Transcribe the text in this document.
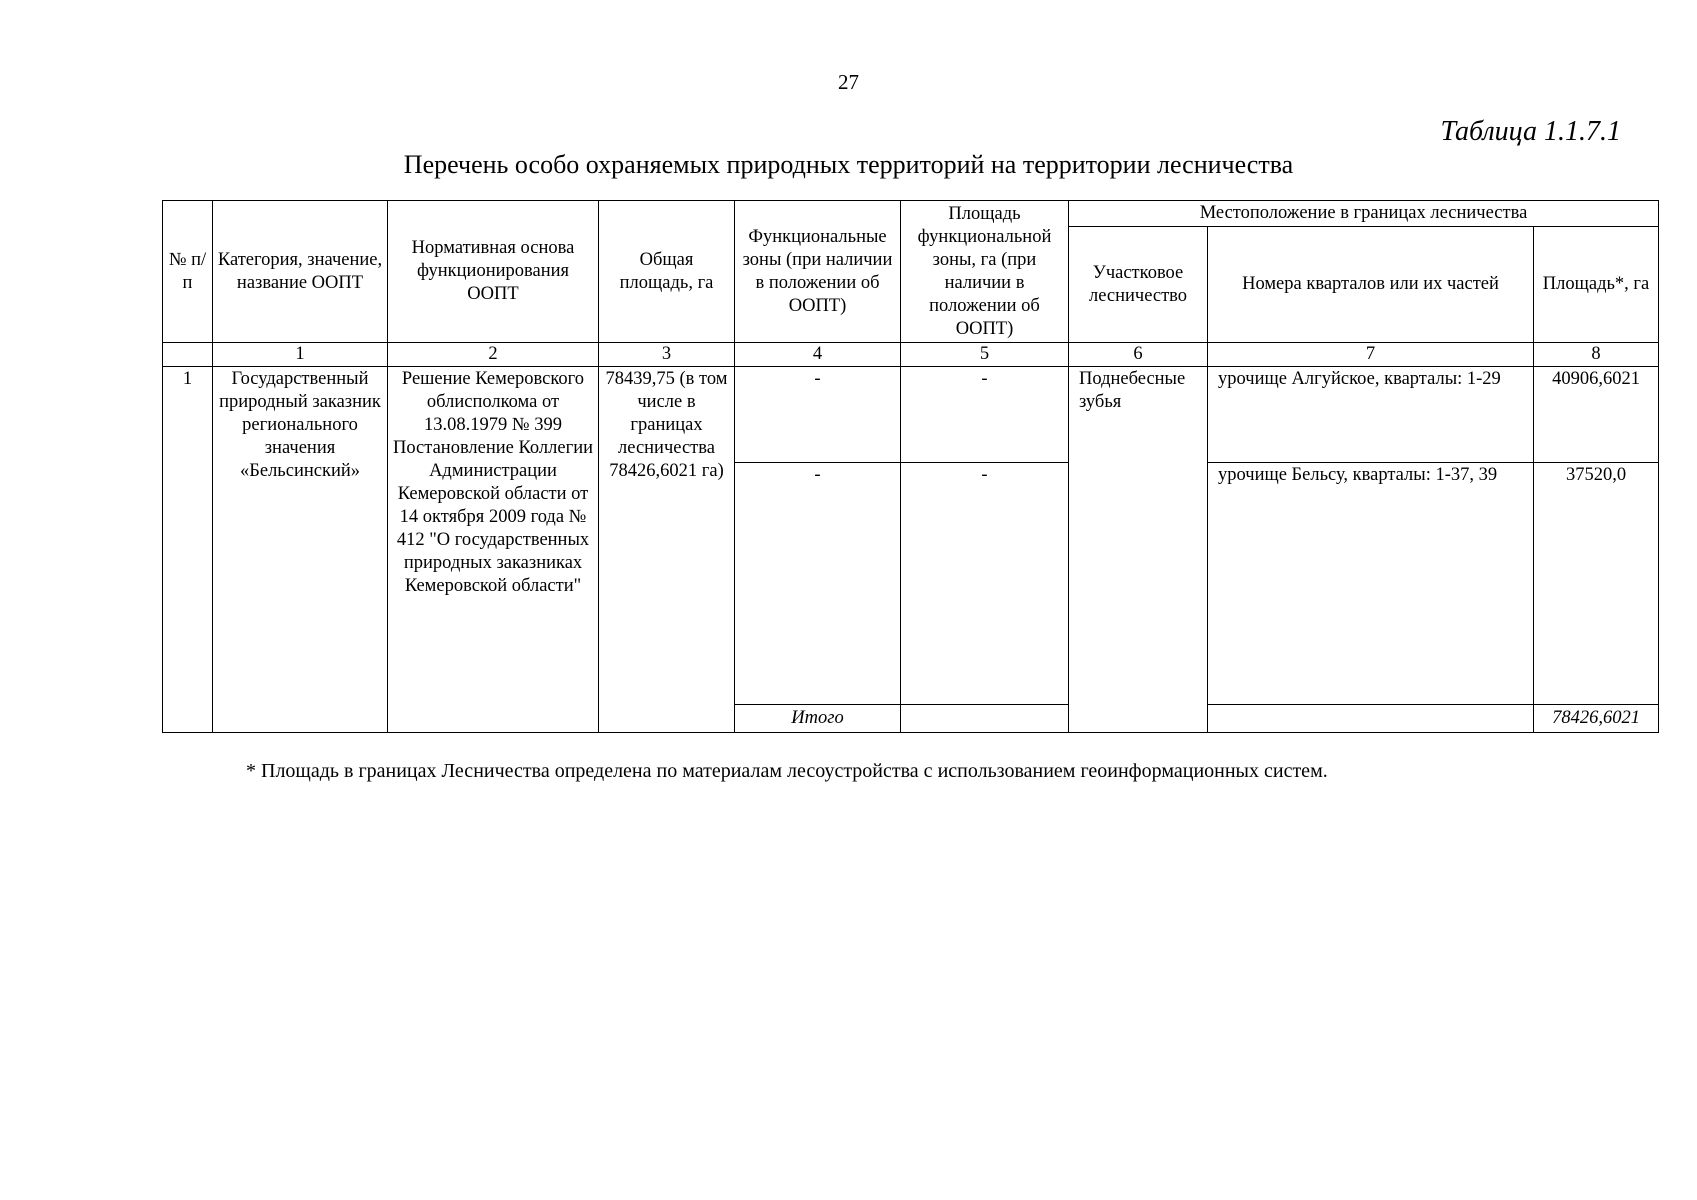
27
Таблица 1.1.7.1
Перечень особо охраняемых природных территорий на территории лесничества
№ п/п	Категория, значение, название ООПТ	Нормативная основа функционирования ООПТ	Общая площадь, га	Функциональные зоны (при наличии в положении об ООПТ)	Площадь функциональной зоны, га (при наличии в положении об ООПТ)	Местоположение в границах лесничества		
						Участковое лесничество	Номера кварталов или их частей	Площадь*, га
	1	2	3	4	5	6	7	8
1	Государственный природный заказник регионального значения «Бельсинский»	Решение Кемеровского облисполкома от 13.08.1979 № 399 Постановление Коллегии Администрации Кемеровской области от 14 октября 2009 года № 412 "О государственных природных заказниках Кемеровской области"	78439,75 (в том числе в границах лесничества 78426,6021 га)	-	-	Поднебесные зубья	урочище Алгуйское, кварталы: 1-29	40906,6021
				-	-		урочище Бельсу, кварталы: 1-37, 39	37520,0
				Итого				78426,6021
* Площадь в границах Лесничества определена по материалам лесоустройства с использованием геоинформационных систем.
